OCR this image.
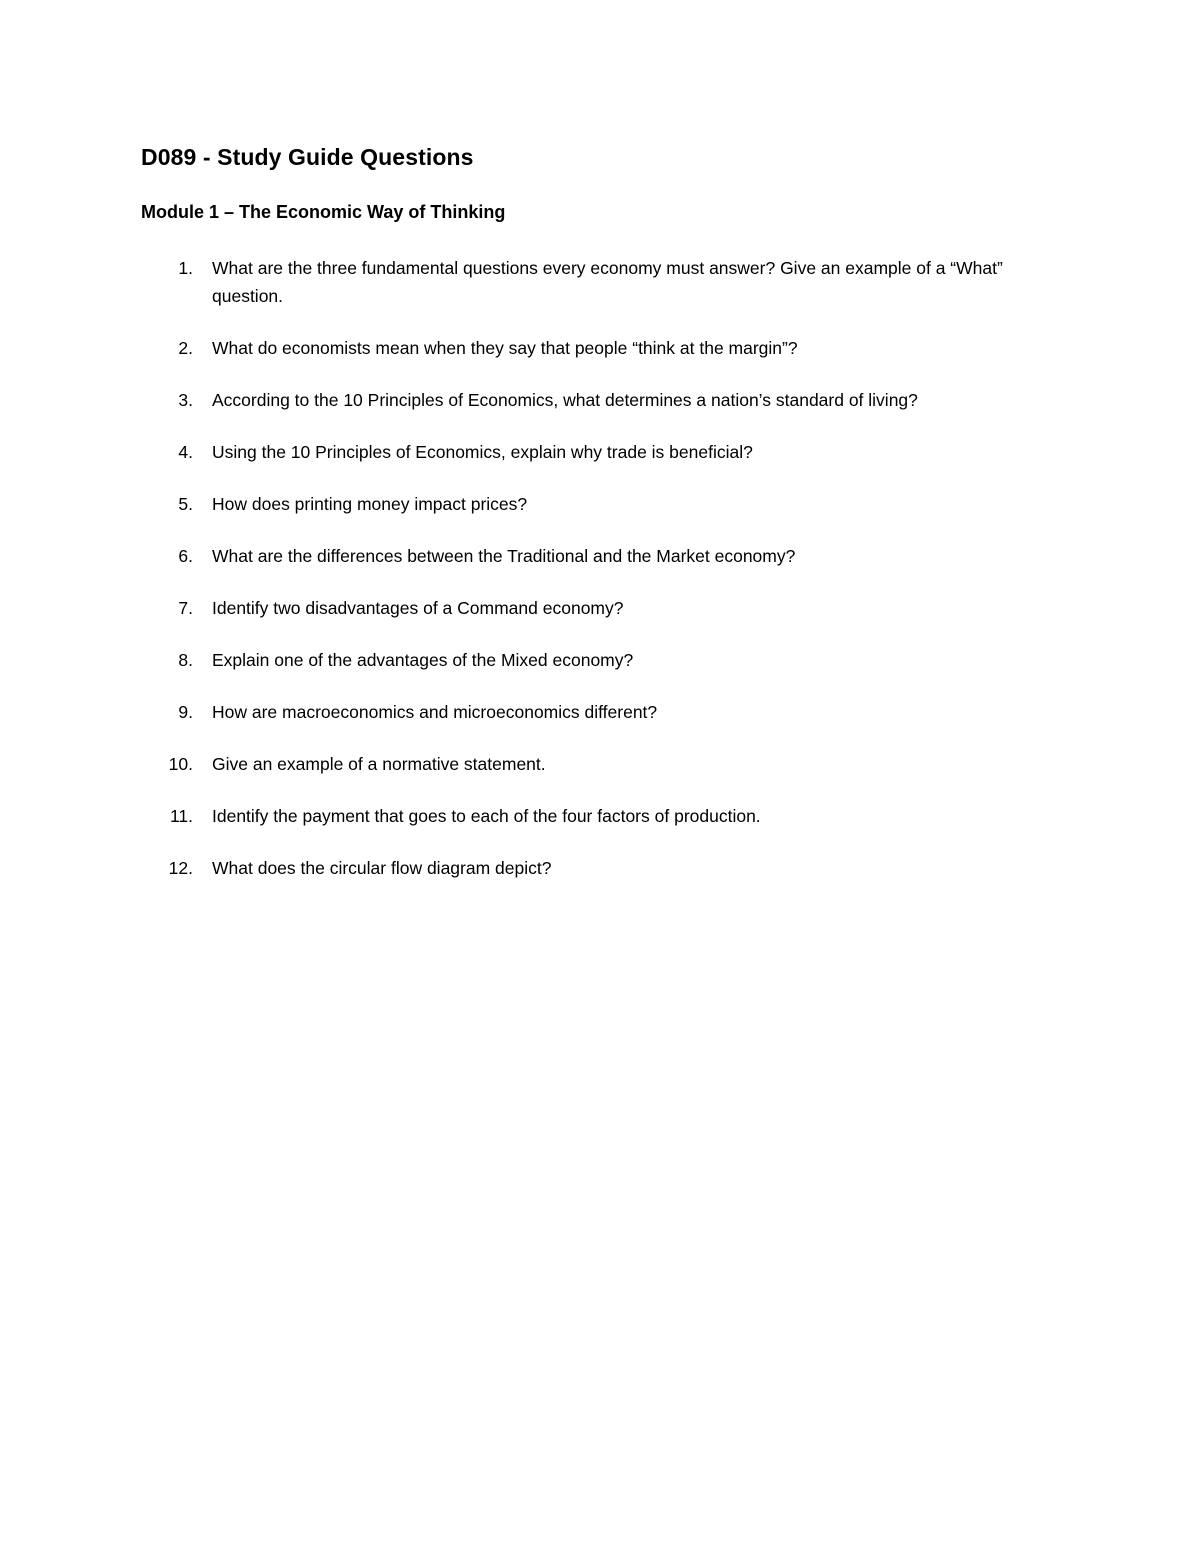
D089 - Study Guide Questions
Module 1 – The Economic Way of Thinking
1. What are the three fundamental questions every economy must answer? Give an example of a “What” question.
2. What do economists mean when they say that people “think at the margin”?
3. According to the 10 Principles of Economics, what determines a nation’s standard of living?
4. Using the 10 Principles of Economics, explain why trade is beneficial?
5. How does printing money impact prices?
6. What are the differences between the Traditional and the Market economy?
7. Identify two disadvantages of a Command economy?
8. Explain one of the advantages of the Mixed economy?
9. How are macroeconomics and microeconomics different?
10. Give an example of a normative statement.
11. Identify the payment that goes to each of the four factors of production.
12. What does the circular flow diagram depict?
